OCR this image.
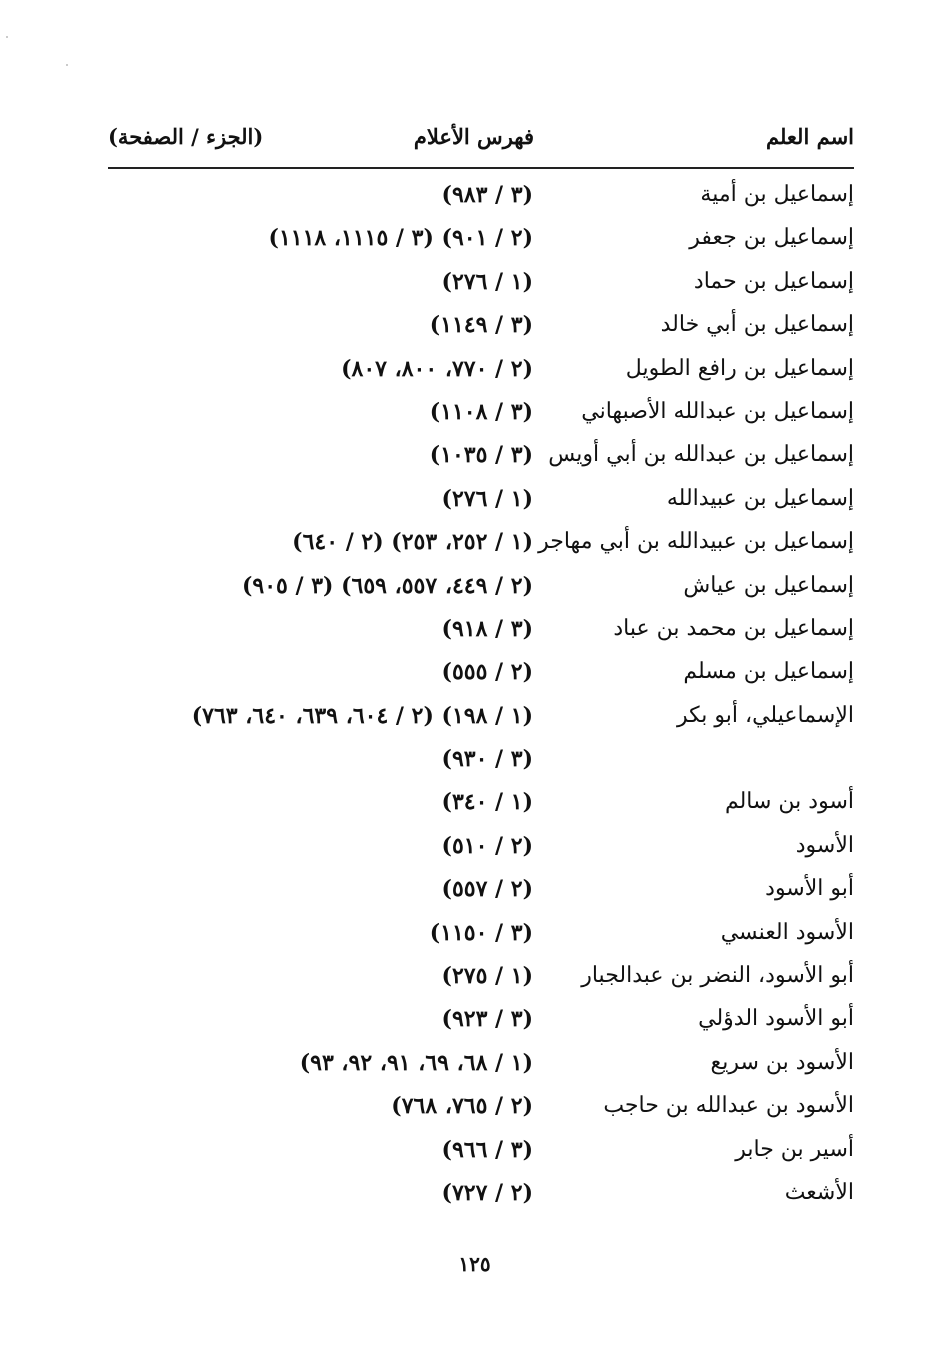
اسم العلم
فهرس الأعلام
(الجزء / الصفحة)
إسماعيل بن أمية
(٣ / ٩٨٣)
إسماعيل بن جعفر
(٢ / ٩٠١) (٣ / ١١١٥، ١١١٨)
إسماعيل بن حماد
(١ / ٢٧٦)
إسماعيل بن أبي خالد
(٣ / ١١٤٩)
إسماعيل بن رافع الطويل
(٢ / ٧٧٠، ٨٠٠، ٨٠٧)
إسماعيل بن عبدالله الأصبهاني
(٣ / ١١٠٨)
إسماعيل بن عبدالله بن أبي أويس
(٣ / ١٠٣٥)
إسماعيل بن عبيدالله
(١ / ٢٧٦)
إسماعيل بن عبيدالله بن أبي مهاجر
(١ / ٢٥٢، ٢٥٣) (٢ / ٦٤٠)
إسماعيل بن عياش
(٢ / ٤٤٩، ٥٥٧، ٦٥٩) (٣ / ٩٠٥)
إسماعيل بن محمد بن عباد
(٣ / ٩١٨)
إسماعيل بن مسلم
(٢ / ٥٥٥)
الإسماعيلي، أبو بكر
(١ / ١٩٨) (٢ / ٦٠٤، ٦٣٩، ٦٤٠، ٧٦٣)
(٣ / ٩٣٠)
أسود بن سالم
(١ / ٣٤٠)
الأسود
(٢ / ٥١٠)
أبو الأسود
(٢ / ٥٥٧)
الأسود العنسي
(٣ / ١١٥٠)
أبو الأسود، النضر بن عبدالجبار
(١ / ٢٧٥)
أبو الأسود الدؤلي
(٣ / ٩٢٣)
الأسود بن سريع
(١ / ٦٨، ٦٩، ٩١، ٩٢، ٩٣)
الأسود بن عبدالله بن حاجب
(٢ / ٧٦٥، ٧٦٨)
أسير بن جابر
(٣ / ٩٦٦)
الأشعث
(٢ / ٧٢٧)
١٢٥
